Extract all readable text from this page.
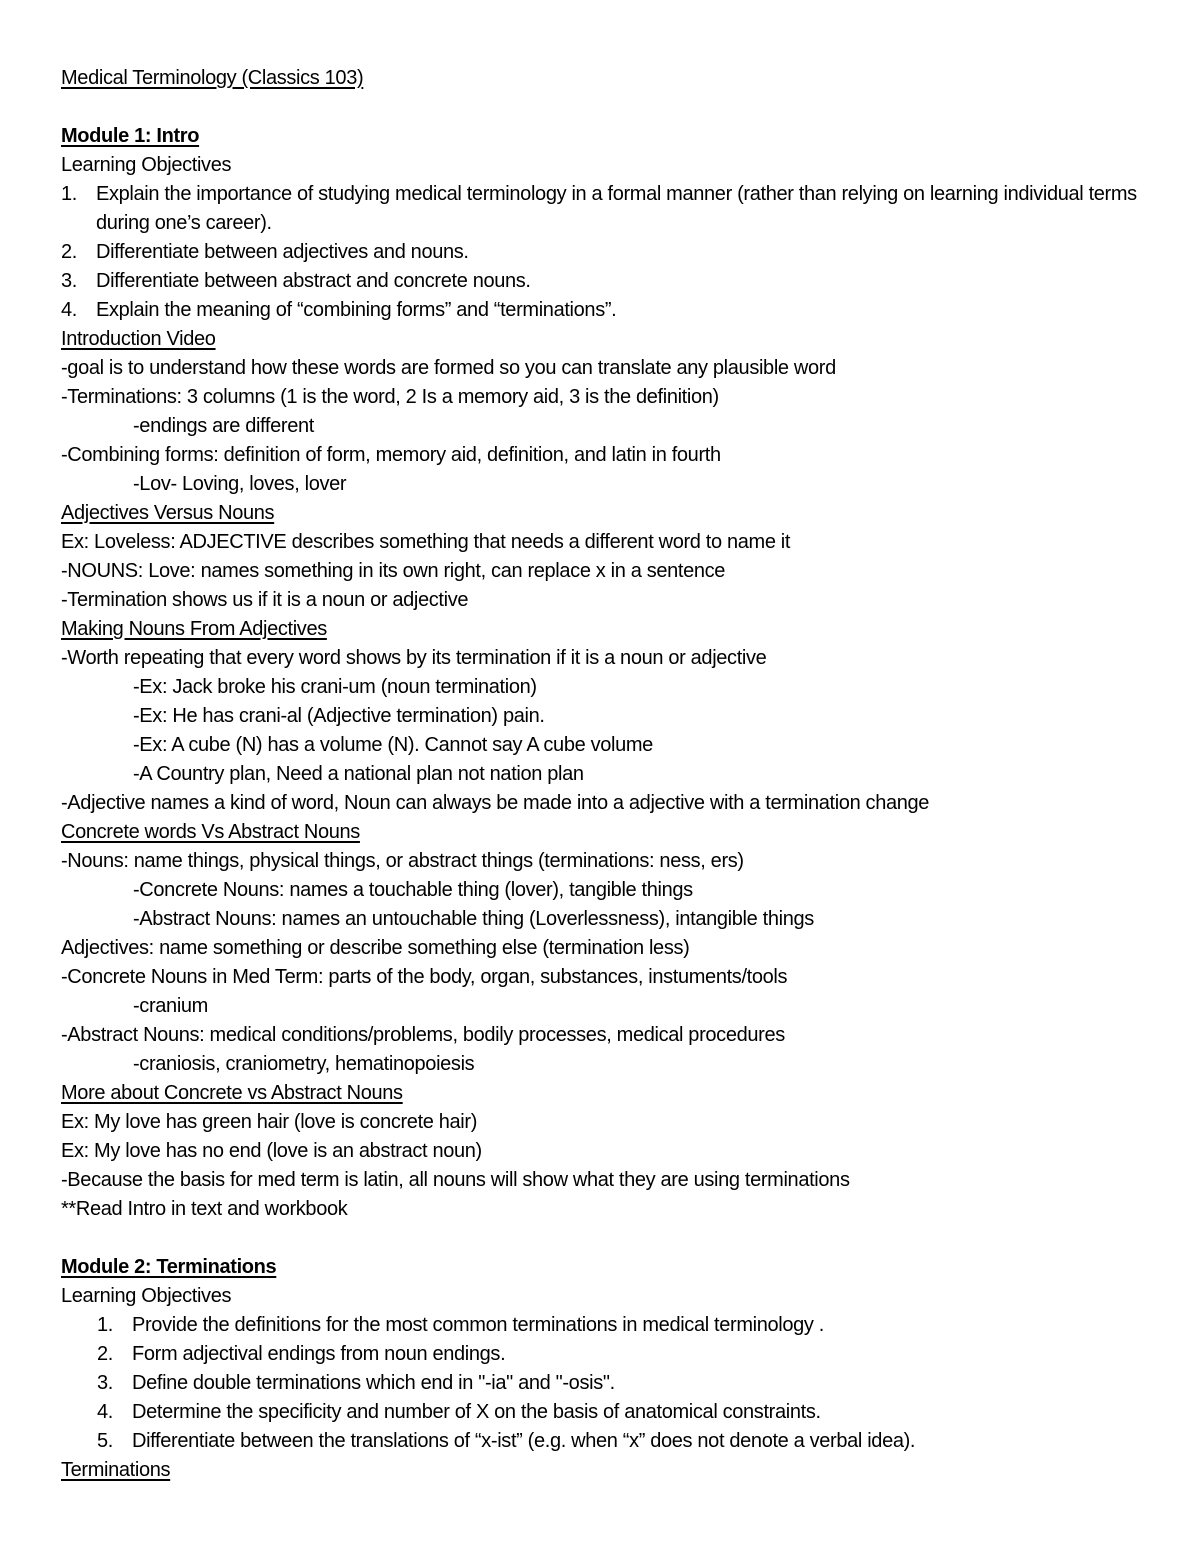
Medical Terminology (Classics 103)
Module 1: Intro
Learning Objectives
1. Explain the importance of studying medical terminology in a formal manner (rather than relying on learning individual terms during one’s career).
2. Differentiate between adjectives and nouns.
3. Differentiate between abstract and concrete nouns.
4. Explain the meaning of “combining forms” and “terminations”.
Introduction Video
-goal is to understand how these words are formed so you can translate any plausible word
-Terminations: 3 columns (1 is the word, 2 Is a memory aid, 3 is the definition)
-endings are different
-Combining forms: definition of form, memory aid, definition, and latin in fourth
-Lov- Loving, loves, lover
Adjectives Versus Nouns
Ex: Loveless: ADJECTIVE describes something that needs a different word to name it
-NOUNS: Love: names something in its own right, can replace x in a sentence
-Termination shows us if it is a noun or adjective
Making Nouns From Adjectives
-Worth repeating that every word shows by its termination if it is a noun or adjective
-Ex: Jack broke his crani-um (noun termination)
-Ex: He has crani-al (Adjective termination) pain.
-Ex: A cube (N) has a volume (N). Cannot say A cube volume
-A Country plan, Need a national plan not nation plan
-Adjective names a kind of word, Noun can always be made into a adjective with a termination change
Concrete words Vs Abstract Nouns
-Nouns: name things, physical things, or abstract things (terminations: ness, ers)
-Concrete Nouns: names a touchable thing (lover), tangible things
-Abstract Nouns: names an untouchable thing (Loverlessness), intangible things
Adjectives: name something or describe something else (termination less)
-Concrete Nouns in Med Term: parts of the body, organ, substances, instuments/tools
-cranium
-Abstract Nouns: medical conditions/problems, bodily processes, medical procedures
-craniosis, craniometry, hematinopoiesis
More about Concrete vs Abstract Nouns
Ex: My love has green hair (love is concrete hair)
Ex: My love has no end (love is an abstract noun)
-Because the basis for med term is latin, all nouns will show what they are using terminations
**Read Intro in text and workbook
Module 2: Terminations
Learning Objectives
1. Provide the definitions for the most common terminations in medical terminology .
2. Form adjectival endings from noun endings.
3. Define double terminations which end in "-ia" and "-osis".
4. Determine the specificity and number of X on the basis of anatomical constraints.
5. Differentiate between the translations of “x-ist” (e.g. when “x” does not denote a verbal idea).
Terminations
